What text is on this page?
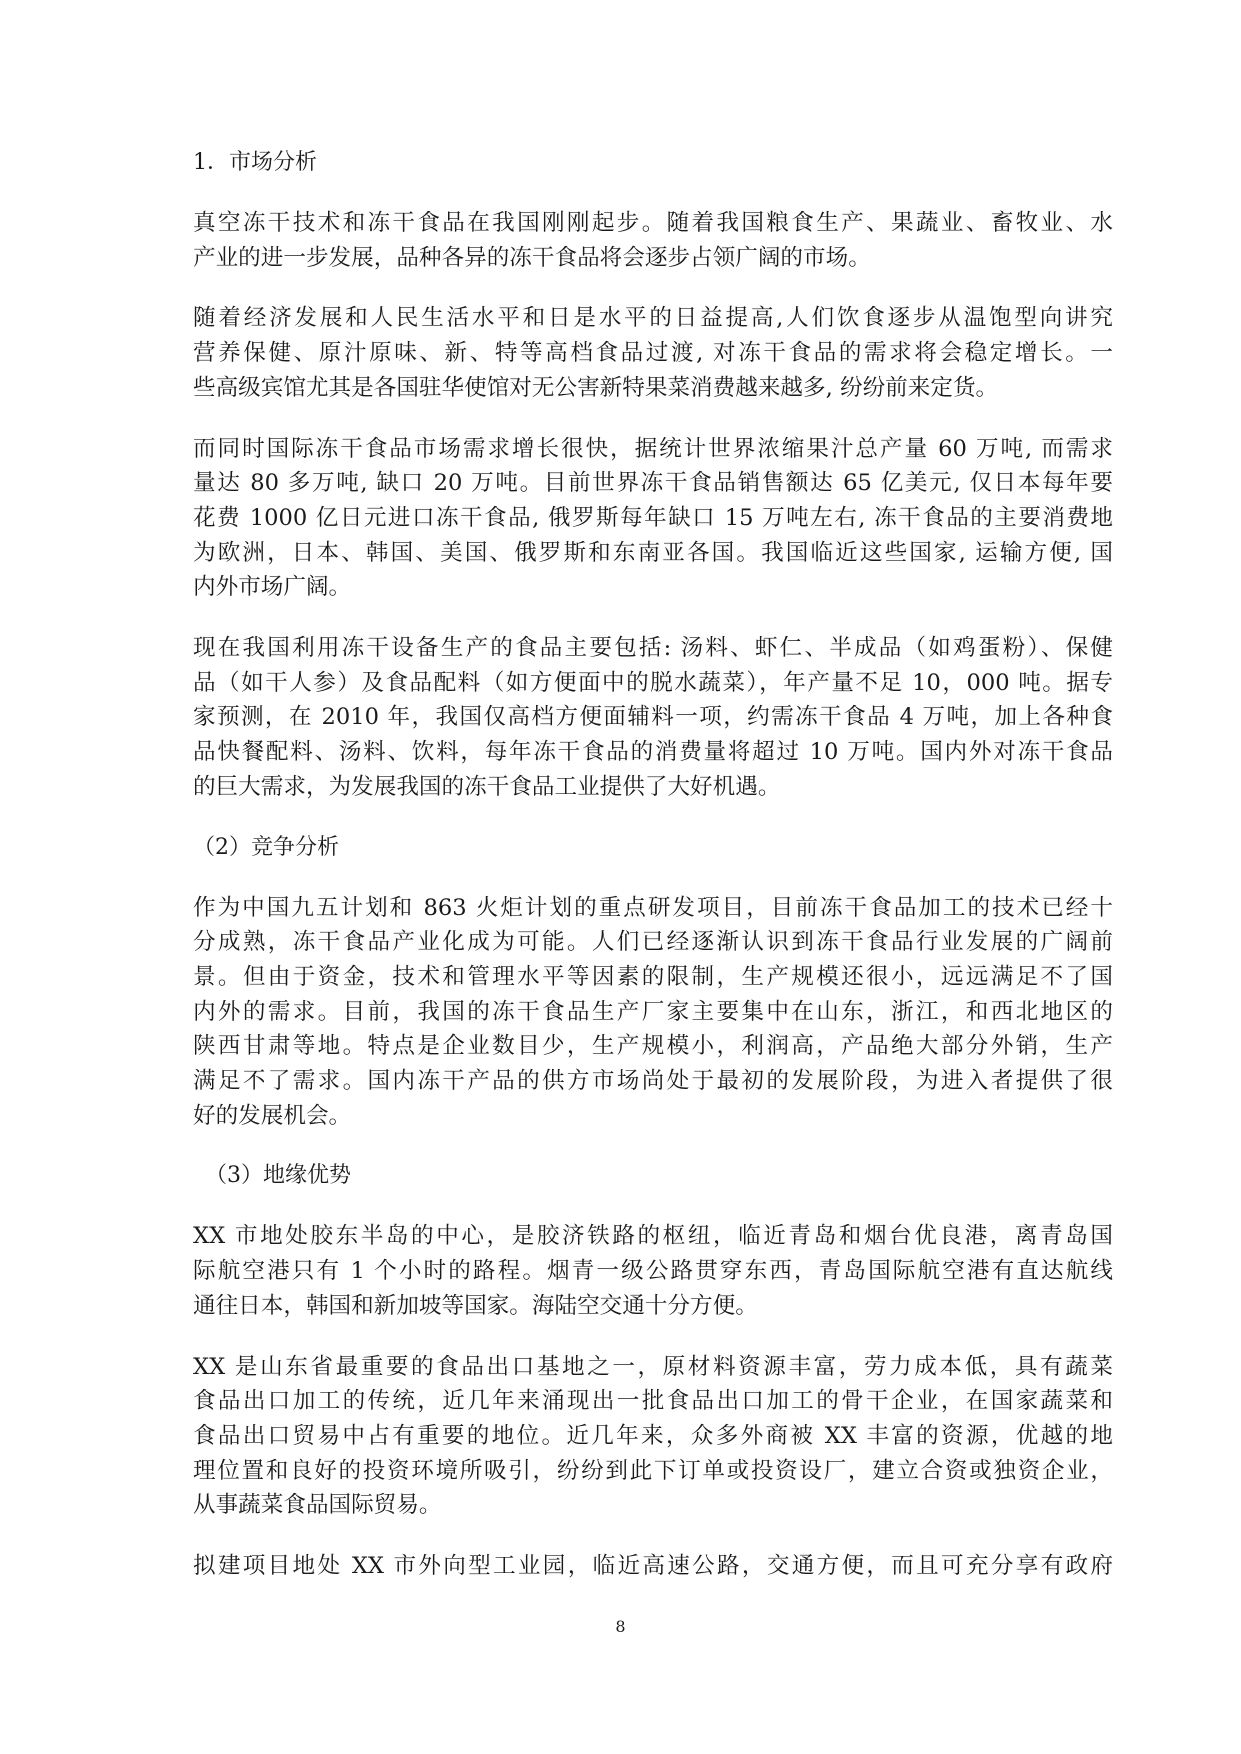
1．市场分析
真空冻干技术和冻干食品在我国刚刚起步。随着我国粮食生产、果蔬业、畜牧业、水
产业的进一步发展，品种各异的冻干食品将会逐步占领广阔的市场。
随着经济发展和人民生活水平和日是水平的日益提高,人们饮食逐步从温饱型向讲究
营养保健、原汁原味、新、特等高档食品过渡, 对冻干食品的需求将会稳定增长。一
些高级宾馆尤其是各国驻华使馆对无公害新特果菜消费越来越多, 纷纷前来定货。
而同时国际冻干食品市场需求增长很快，据统计世界浓缩果汁总产量 60 万吨, 而需求
量达 80 多万吨, 缺口 20 万吨。目前世界冻干食品销售额达 65 亿美元, 仅日本每年要
花费 1000 亿日元进口冻干食品, 俄罗斯每年缺口 15 万吨左右, 冻干食品的主要消费地
为欧洲，日本、韩国、美国、俄罗斯和东南亚各国。我国临近这些国家, 运输方便, 国
内外市场广阔。
现在我国利用冻干设备生产的食品主要包括: 汤料、虾仁、半成品（如鸡蛋粉）、保健
品（如干人参）及食品配料（如方便面中的脱水蔬菜），年产量不足 10，000 吨。据专
家预测，在 2010 年，我国仅高档方便面辅料一项，约需冻干食品 4 万吨，加上各种食
品快餐配料、汤料、饮料，每年冻干食品的消费量将超过 10 万吨。国内外对冻干食品
的巨大需求，为发展我国的冻干食品工业提供了大好机遇。
（2）竞争分析
作为中国九五计划和 863 火炬计划的重点研发项目，目前冻干食品加工的技术已经十
分成熟，冻干食品产业化成为可能。人们已经逐渐认识到冻干食品行业发展的广阔前
景。但由于资金，技术和管理水平等因素的限制，生产规模还很小，远远满足不了国
内外的需求。目前，我国的冻干食品生产厂家主要集中在山东，浙江，和西北地区的
陕西甘肃等地。特点是企业数目少，生产规模小，利润高，产品绝大部分外销，生产
满足不了需求。国内冻干产品的供方市场尚处于最初的发展阶段，为进入者提供了很
好的发展机会。
（3）地缘优势
XX 市地处胶东半岛的中心，是胶济铁路的枢纽，临近青岛和烟台优良港，离青岛国
际航空港只有 1 个小时的路程。烟青一级公路贯穿东西，青岛国际航空港有直达航线
通往日本，韩国和新加坡等国家。海陆空交通十分方便。
XX 是山东省最重要的食品出口基地之一，原材料资源丰富，劳力成本低，具有蔬菜
食品出口加工的传统，近几年来涌现出一批食品出口加工的骨干企业，在国家蔬菜和
食品出口贸易中占有重要的地位。近几年来，众多外商被 XX 丰富的资源，优越的地
理位置和良好的投资环境所吸引，纷纷到此下订单或投资设厂，建立合资或独资企业，
从事蔬菜食品国际贸易。
拟建项目地处 XX 市外向型工业园，临近高速公路，交通方便，而且可充分享有政府
8
